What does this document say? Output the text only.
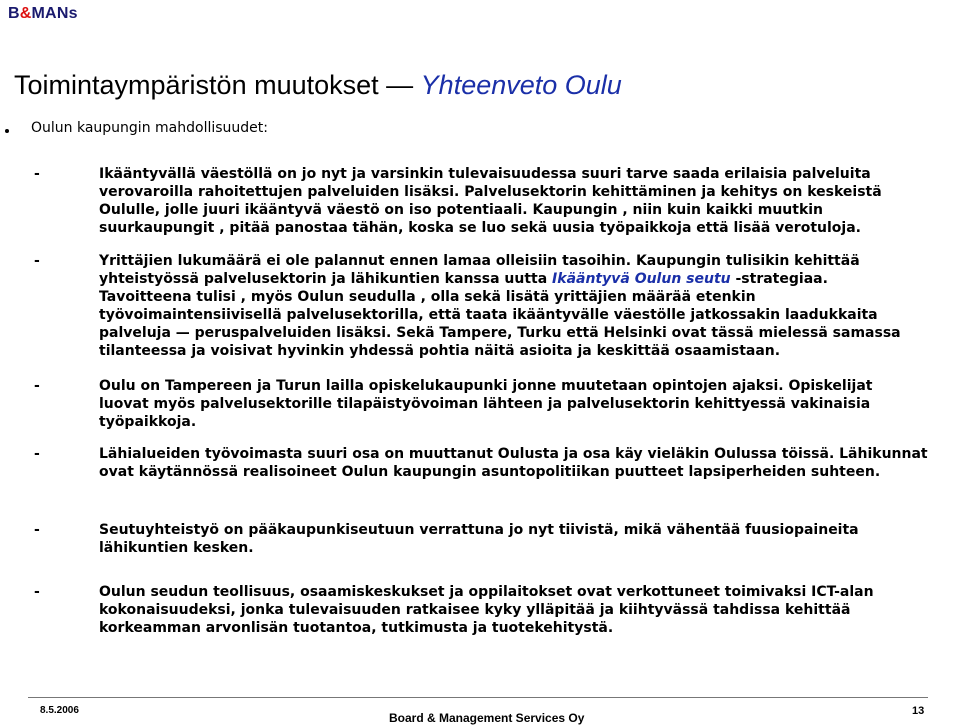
B&MANs
Toimintaympäristön muutokset — Yhteenveto Oulu
Oulun kaupungin mahdollisuudet:
-	Ikääntyvällä väestöllä on jo nyt ja varsinkin tulevaisuudessa suuri tarve saada erilaisia palveluita
verovaroilla rahoitettujen palveluiden lisäksi. Palvelusektorin kehittäminen ja kehitys on keskeistä
Oululle, jolle juuri ikääntyvä väestö on iso potentiaali. Kaupungin , niin kuin kaikki muutkin
suurkaupungit , pitää panostaa tähän, koska se luo sekä uusia työpaikkoja että lisää verotuloja.
-	Yrittäjien lukumäärä ei ole palannut ennen lamaa olleisiin tasoihin. Kaupungin tulisikin kehittää
yhteistyössä palvelusektorin ja lähikuntien kanssa uutta Ikääntyvä Oulun seutu -strategiaa.
Tavoitteena tulisi , myös Oulun seudulla , olla sekä lisätä yrittäjien määrää etenkin
työvoimaintensiivisellä palvelusektorilla, että taata ikääntyvälle väestölle jatkossakin laadukkaita
palveluja — peruspalveluiden lisäksi. Sekä Tampere, Turku että Helsinki ovat tässä mielessä samassa
tilanteessa ja voisivat hyvinkin yhdessä pohtia näitä asioita ja keskittää osaamistaan.
-	Oulu on Tampereen ja Turun lailla opiskelukaupunki jonne muutetaan opintojen ajaksi. Opiskelijat
luovat myös palvelusektorille tilapäistyövoiman lähteen ja palvelusektorin kehittyessä vakinaisia
työpaikkoja.
-	Lähialueiden työvoimasta suuri osa on muuttanut Oulusta ja osa käy vieläkin Oulussa töissä. Lähikunnat
ovat käytännössä realisoineet Oulun kaupungin asuntopolitiikan puutteet lapsiperheiden suhteen.
-	Seutuyhteistyö on pääkaupunkiseutuun verrattuna jo nyt tiivistä, mikä vähentää fuusiopaineita
lähikuntien kesken.
-	Oulun seudun teollisuus, osaamiskeskukset ja oppilaitokset ovat verkottuneet toimivaksi ICT-alan
kokonaisuudeksi, jonka tulevaisuuden ratkaisee kyky ylläpitää ja kiihtyvässä tahdissa kehittää
korkeamman arvonlisän tuotantoa, tutkimusta ja tuotekehitystä.
8.5.2006
Board & Management Services Oy	13
